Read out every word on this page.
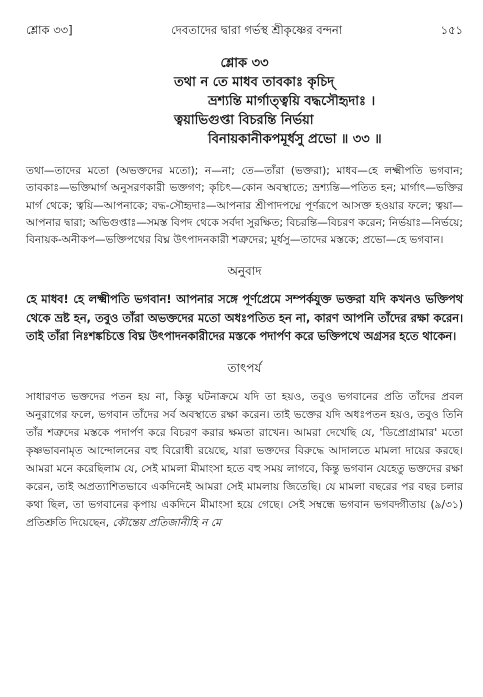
শ্লোক ৩৩]	দেবতাদের দ্বারা গর্ভস্থ শ্রীকৃষ্ণের বন্দনা	১৫১
শ্লোক ৩৩
তথা ন তে মাধব তাবকাঃ কৃচিদ্
ভ্রশ্যন্তি মার্গাত্ত্বয়ি বদ্ধসৌহৃদাঃ ।
ত্বয়াভিগুপ্তা বিচরন্তি নির্ভয়া
বিনায়কানীকপমূর্ধসু প্রভো ॥ ৩৩ ॥
তথা—তাদের মতো (অভক্তদের মতো); ন—না; তে—তাঁরা (ভক্তরা); মাধব—হে লক্ষ্মীপতি ভগবান; তাবকাঃ—ভক্তিমার্গ অনুসরণকারী ভক্তগণ; কৃচিৎ—কোন অবস্থাতে; ভ্রশ্যন্তি—পতিত হন; মার্গাৎ—ভক্তির মার্গ থেকে; ত্বয়ি—আপনাকে; বদ্ধ-সৌহৃদাঃ—আপনার শ্রীপাদপদ্মে পূর্ণরূপে আসক্ত হওয়ার ফলে; ত্বয়া—আপনার দ্বারা; অভিগুপ্তাঃ—সমস্ত বিপদ থেকে সর্বদা সুরক্ষিত; বিচরন্তি—বিচরণ করেন; নির্ভয়াঃ—নির্ভয়ে; বিনায়ক-অনীকপ—ভক্তিপথের বিঘ্ন উৎপাদনকারী শত্রুদের; মূর্ধসু—তাদের মস্তকে; প্রভো—হে ভগবান।
অনুবাদ
হে মাধব! হে লক্ষ্মীপতি ভগবান! আপনার সঙ্গে পূর্ণপ্রেমে সম্পর্কযুক্ত ভক্তরা যদি কখনও ভক্তিপথ থেকে ভ্রষ্ট হন, তবুও তাঁরা অভক্তদের মতো অধঃপতিত হন না, কারণ আপনি তাঁদের রক্ষা করেন। তাই তাঁরা নিঃশঙ্কচিত্তে বিঘ্ন উৎপাদনকারীদের মস্তকে পদার্পণ করে ভক্তিপথে অগ্রসর হতে থাকেন।
তাৎপর্য
সাধারণত ভক্তদের পতন হয় না, কিন্তু ঘটনাক্রমে যদি তা হয়ও, তবুও ভগবানের প্রতি তাঁদের প্রবল অনুরাগের ফলে, ভগবান তাঁদের সর্ব অবস্থাতে রক্ষা করেন। তাই ভক্তের যদি অধঃপতন হয়ও, তবুও তিনি তাঁর শত্রুদের মস্তকে পদার্পণ করে বিচরণ করার ক্ষমতা রাখেন। আমরা দেখেছি যে, 'ডিপ্রোগ্রামার' মতো কৃষ্ণভাবনামৃত আন্দোলনের বহু বিরোধী রয়েছে, যারা ভক্তদের বিরুদ্ধে আদালতে মামলা দায়ের করছে। আমরা মনে করেছিলাম যে, সেই মামলা মীমাংসা হতে বহু সময় লাগবে, কিন্তু ভগবান যেহেতু ভক্তদের রক্ষা করেন, তাই অপ্রত্যাশিতভাবে একদিনেই আমরা সেই মামলায় জিতেছি। যে মামলা বছরের পর বছর চলার কথা ছিল, তা ভগবানের কৃপায় একদিনে মীমাংসা হয়ে গেছে। সেই সম্বন্ধে ভগবান ভগবদ্গীতায় (৯/৩১) প্রতিশ্রুতি দিয়েছেন, কৌন্তেয় প্রতিজানীহি ন মে
